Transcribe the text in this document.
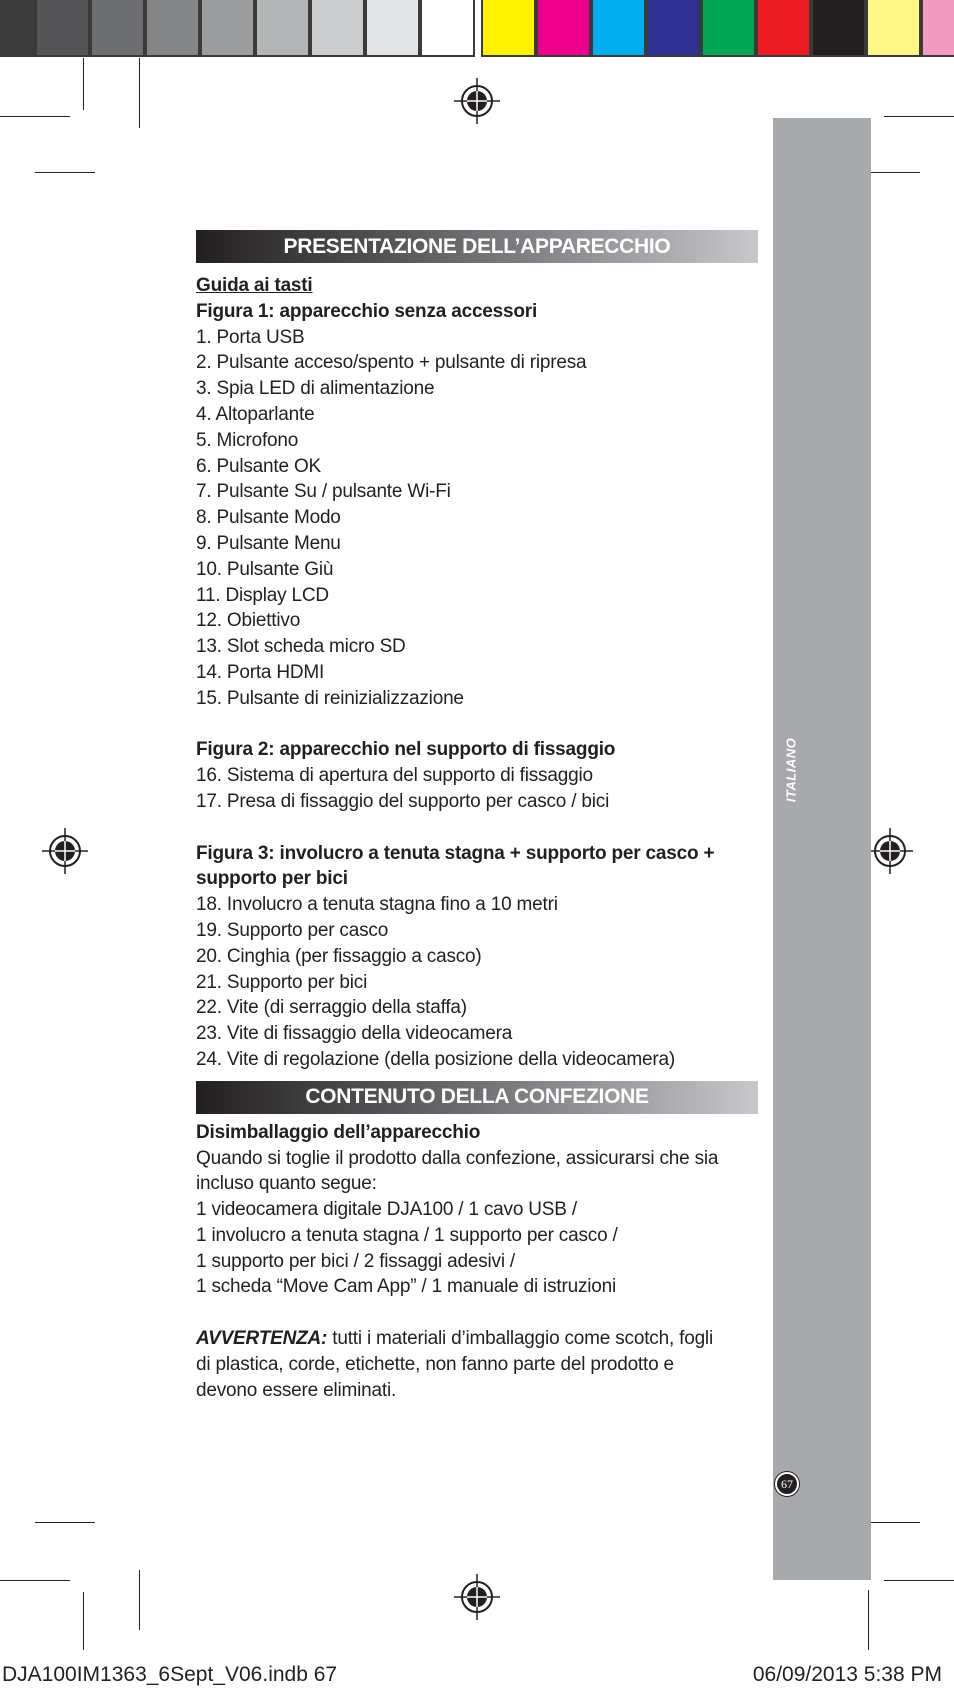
ITALIANO
67
PRESENTAZIONE DELL’APPARECCHIO

Guida ai tasti

Figura 1: apparecchio senza accessori

1. Porta USB

2. Pulsante acceso/spento + pulsante di ripresa

3. Spia LED di alimentazione

4. Altoparlante

5. Microfono

6. Pulsante OK

7. Pulsante Su / pulsante Wi-Fi

8. Pulsante Modo

9. Pulsante Menu

10. Pulsante Giù

11. Display LCD

12. Obiettivo

13. Slot scheda micro SD

14. Porta HDMI

15. Pulsante di reinizializzazione

Figura 2: apparecchio nel supporto di fissaggio

16. Sistema di apertura del supporto di fissaggio

17. Presa di fissaggio del supporto per casco / bici

Figura 3: involucro a tenuta stagna + supporto per casco +

supporto per bici

18. Involucro a tenuta stagna fino a 10 metri

19. Supporto per casco

20. Cinghia (per fissaggio a casco)

21. Supporto per bici

22. Vite (di serraggio della staffa)

23. Vite di fissaggio della videocamera

24. Vite di regolazione (della posizione della videocamera)

CONTENUTO DELLA CONFEZIONE

Disimballaggio dell’apparecchio

Quando si toglie il prodotto dalla confezione, assicurarsi che sia

incluso quanto segue:

1 videocamera digitale DJA100 / 1 cavo USB /

1 involucro a tenuta stagna / 1 supporto per casco /

1 supporto per bici / 2 fissaggi adesivi /

1 scheda “Move Cam App” / 1 manuale di istruzioni

AVVERTENZA: tutti i materiali d’imballaggio come scotch, fogli

di plastica, corde, etichette, non fanno parte del prodotto e

devono essere eliminati.

DJA100IM1363_6Sept_V06.indb 67	06/09/2013 5:38 PM
